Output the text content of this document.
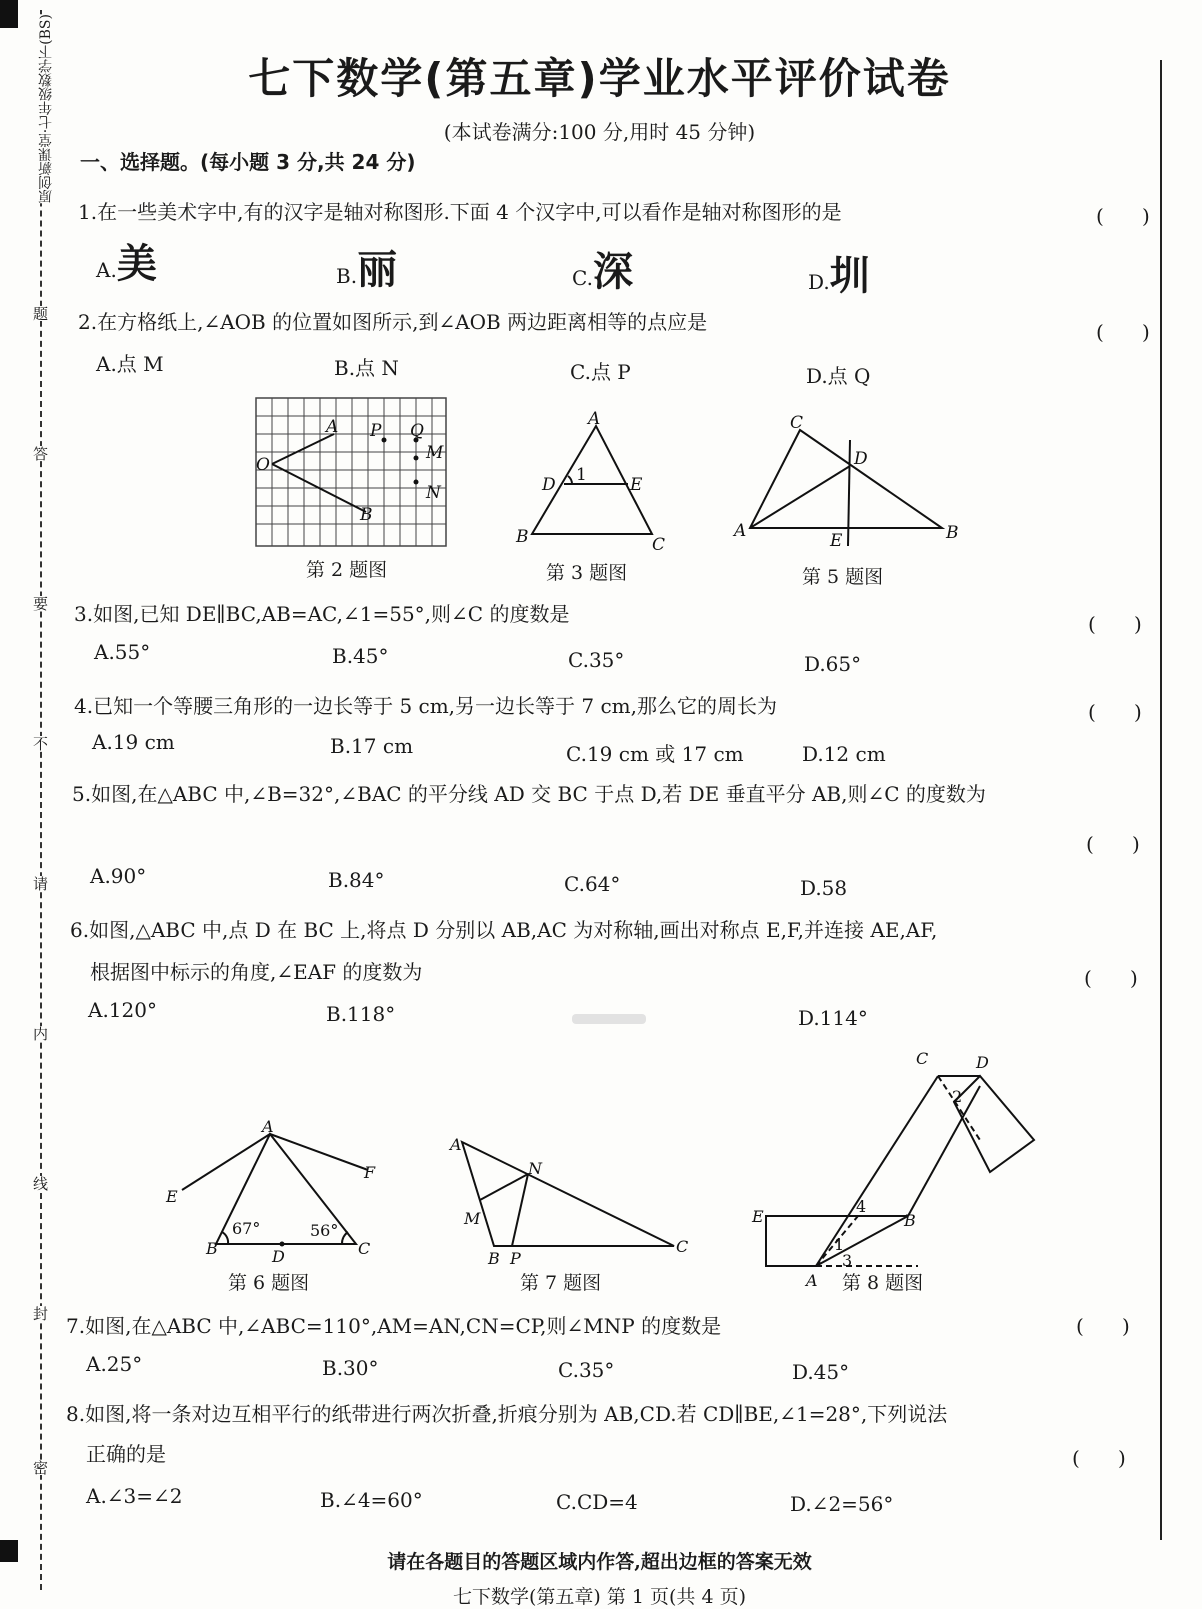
原创新课堂·七年级数学下(BS)
题
答
要
不
请
内
线
封
密
七下数学(第五章)学业水平评价试卷
(本试卷满分:100 分,用时 45 分钟)
一、选择题。(每小题 3 分,共 24 分)
1.在一些美术字中,有的汉字是轴对称图形.下面 4 个汉字中,可以看作是轴对称图形的是	(      )
A.美	B.丽	C.深	D.圳
2.在方格纸上,∠AOB 的位置如图所示,到∠AOB 两边距离相等的点应是	(      )
A.点 M	B.点 N	C.点 P	D.点 Q
O
A
B
P Q
M
N
第 2 题图
A
B	C
D	E
1
第 3 题图
C
A	B
D
E
第 5 题图
3.如图,已知 DE∥BC,AB=AC,∠1=55°,则∠C 的度数是	(      )
A.55°	B.45°	C.35°	D.65°
4.已知一个等腰三角形的一边长等于 5 cm,另一边长等于 7 cm,那么它的周长为	(      )
A.19 cm	B.17 cm	C.19 cm 或 17 cm	D.12 cm
5.如图,在△ABC 中,∠B=32°,∠BAC 的平分线 AD 交 BC 于点 D,若 DE 垂直平分 AB,则∠C 的度数为
(      )
A.90°	B.84°	C.64°	D.58
6.如图,△ABC 中,点 D 在 BC 上,将点 D 分别以 AB,AC 为对称轴,画出对称点 E,F,并连接 AE,AF,
根据图中标示的角度,∠EAF 的度数为	(      )
A.120°	B.118°	D.114°
A
B	C
D
E
F
67°	56°
第 6 题图
A
B P
C
M
N
第 7 题图
C	D
E	B
A
1
2
3
4
第 8 题图
7.如图,在△ABC 中,∠ABC=110°,AM=AN,CN=CP,则∠MNP 的度数是	(      )
A.25°	B.30°	C.35°	D.45°
8.如图,将一条对边互相平行的纸带进行两次折叠,折痕分别为 AB,CD.若 CD∥BE,∠1=28°,下列说法
正确的是	(      )
A.∠3=∠2	B.∠4=60°	C.CD=4	D.∠2=56°
请在各题目的答题区域内作答,超出边框的答案无效
七下数学(第五章) 第 1 页(共 4 页)
